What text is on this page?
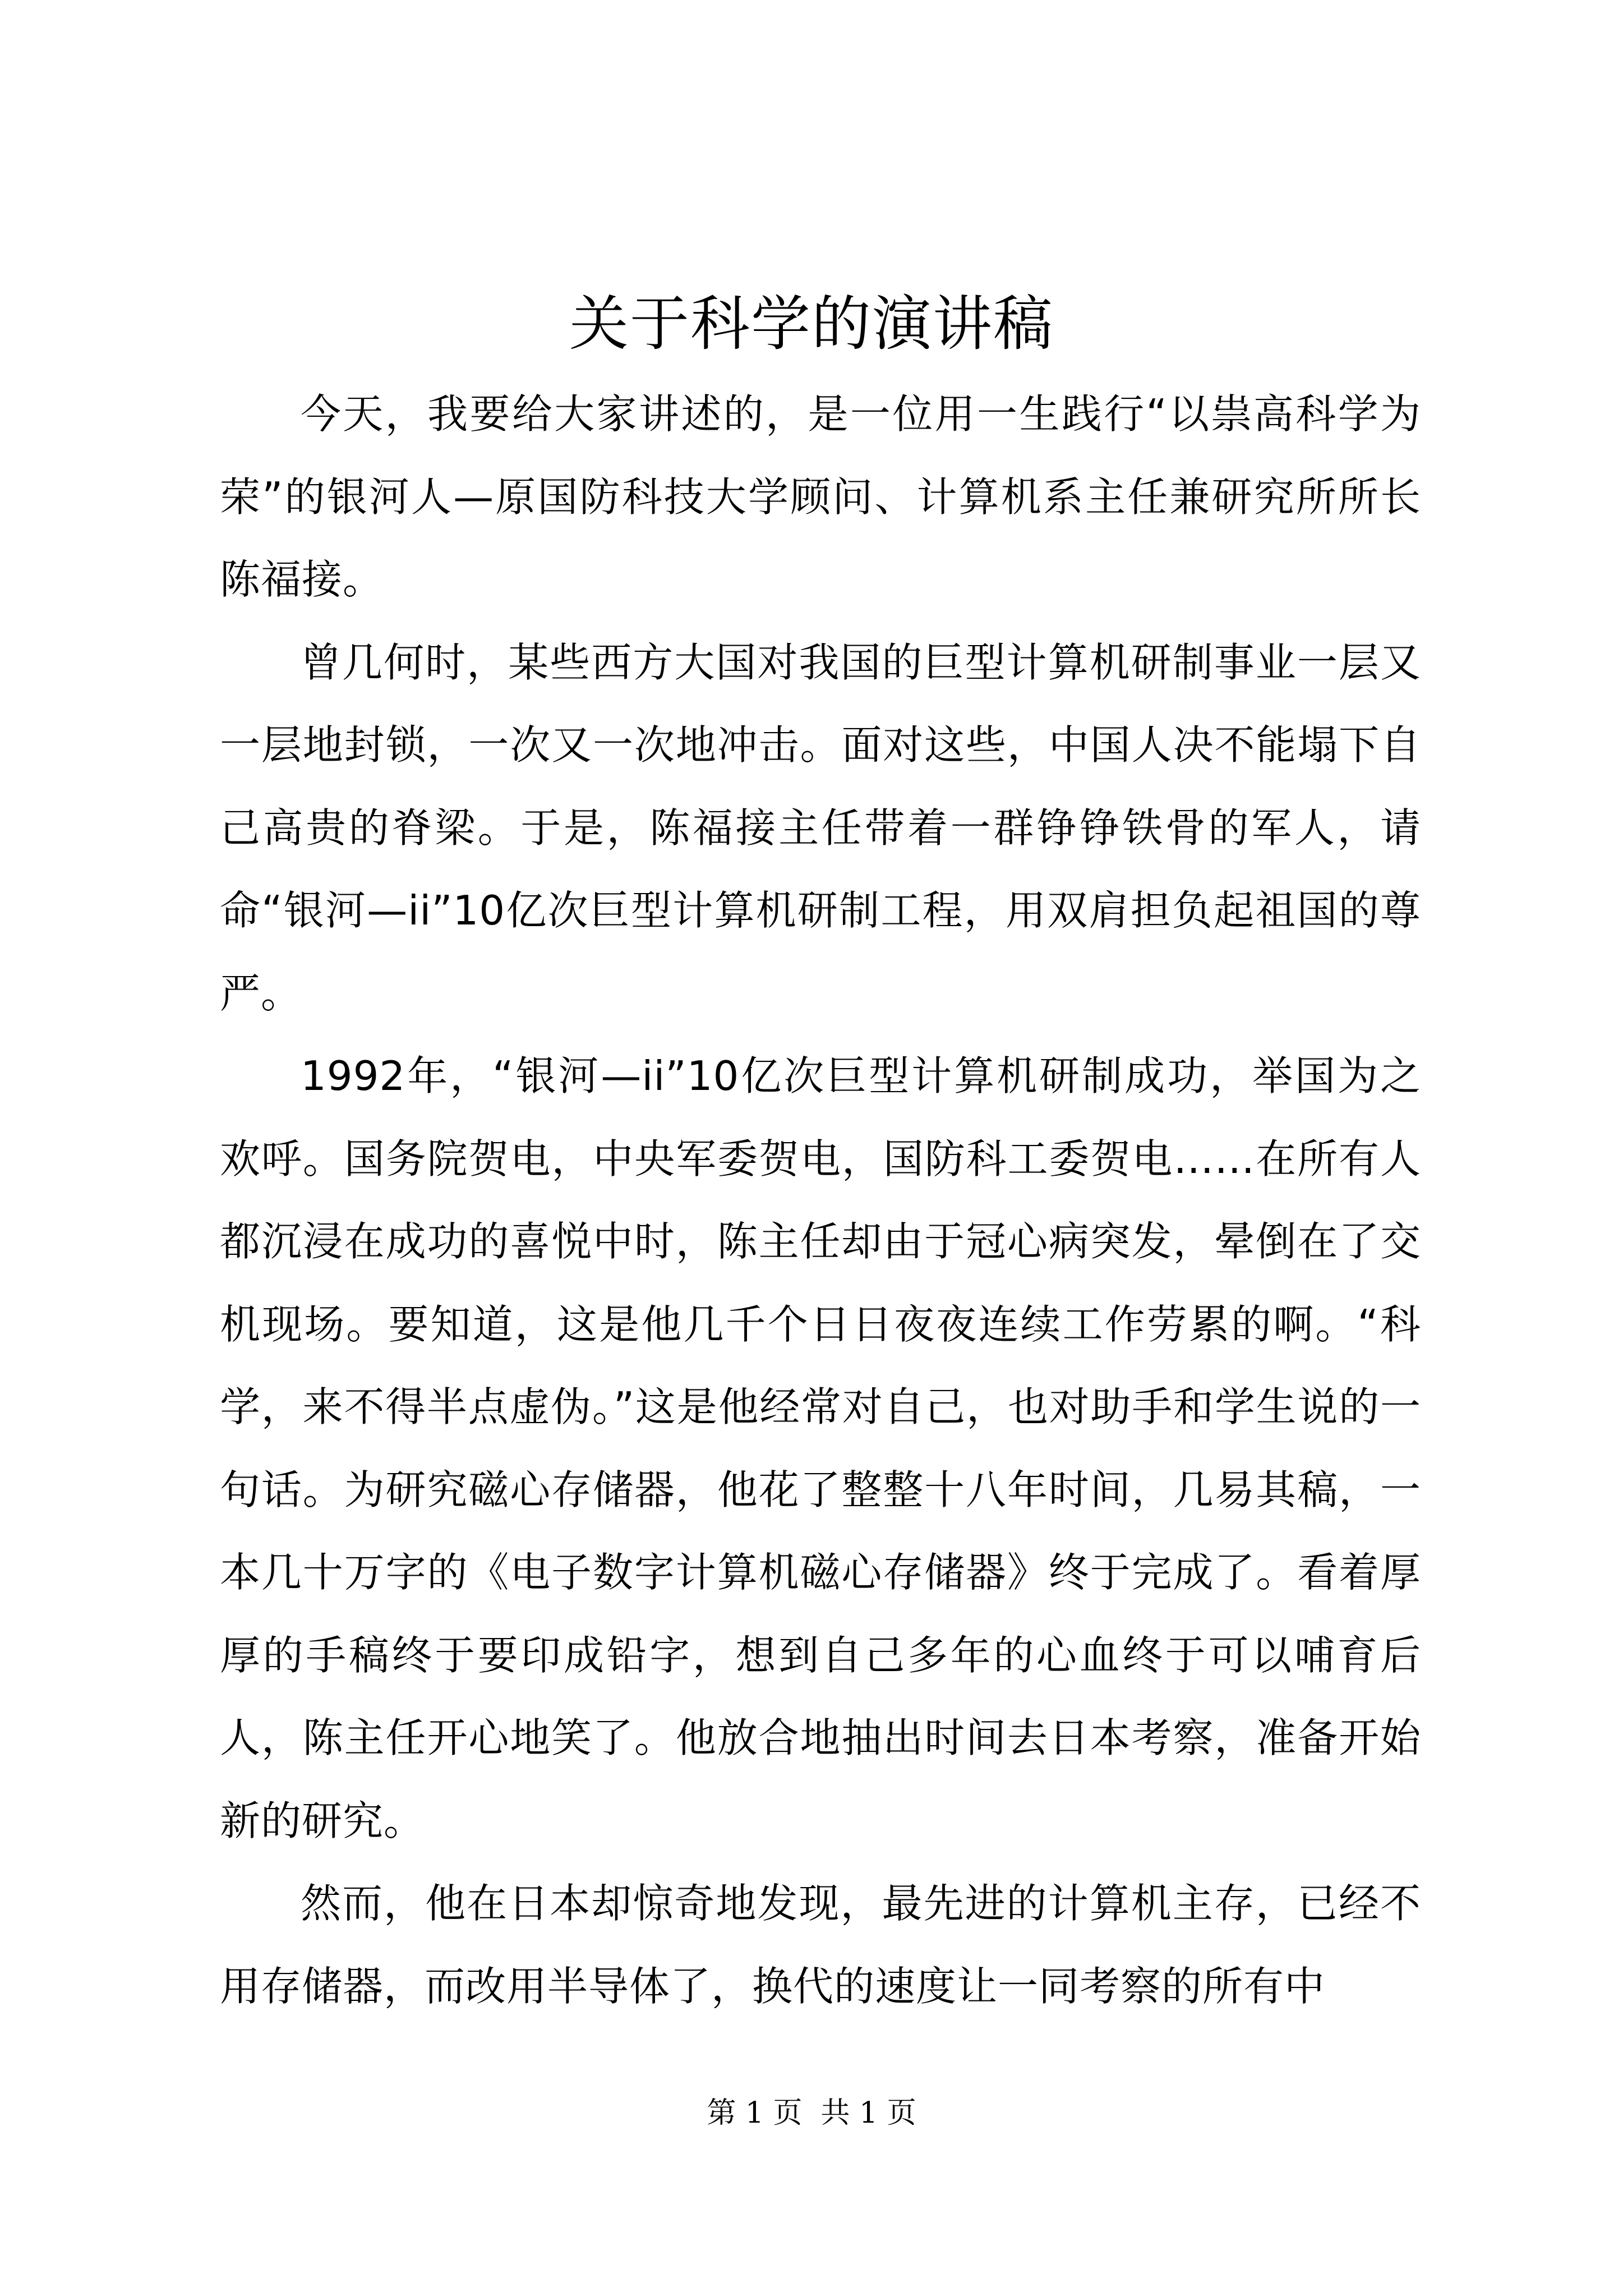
关于科学的演讲稿

今天，我要给大家讲述的，是一位用一生践行“以祟高科学为荣”的银河人—原国防科技大学顾问、计算机系主任兼研究所所长陈福接。

曾几何时，某些西方大国对我国的巨型计算机研制事业一层又一层地封锁，一次又一次地冲击。面对这些，中国人决不能塌下自己高贵的脊梁。于是，陈福接主任带着一群铮铮铁骨的军人，请命“银河—ii”10亿次巨型计算机研制工程，用双肩担负起祖国的尊严。

1992年，“银河—ii”10亿次巨型计算机研制成功，举国为之欢呼。国务院贺电，中央军委贺电，国防科工委贺电……在所有人都沉浸在成功的喜悦中时，陈主任却由于冠心病突发，晕倒在了交机现场。要知道，这是他几千个日日夜夜连续工作劳累的啊。“科学，来不得半点虚伪。”这是他经常对自己，也对助手和学生说的一句话。为研究磁心存储器，他花了整整十八年时间，几易其稿，一本几十万字的《电子数字计算机磁心存储器》终于完成了。看着厚厚的手稿终于要印成铅字，想到自己多年的心血终于可以哺育后人，陈主任开心地笑了。他放合地抽出时间去日本考察，准备开始新的研究。

然而，他在日本却惊奇地发现，最先进的计算机主存，已经不用存储器，而改用半导体了，换代的速度让一同考察的所有中

第 1 页  共 1 页
